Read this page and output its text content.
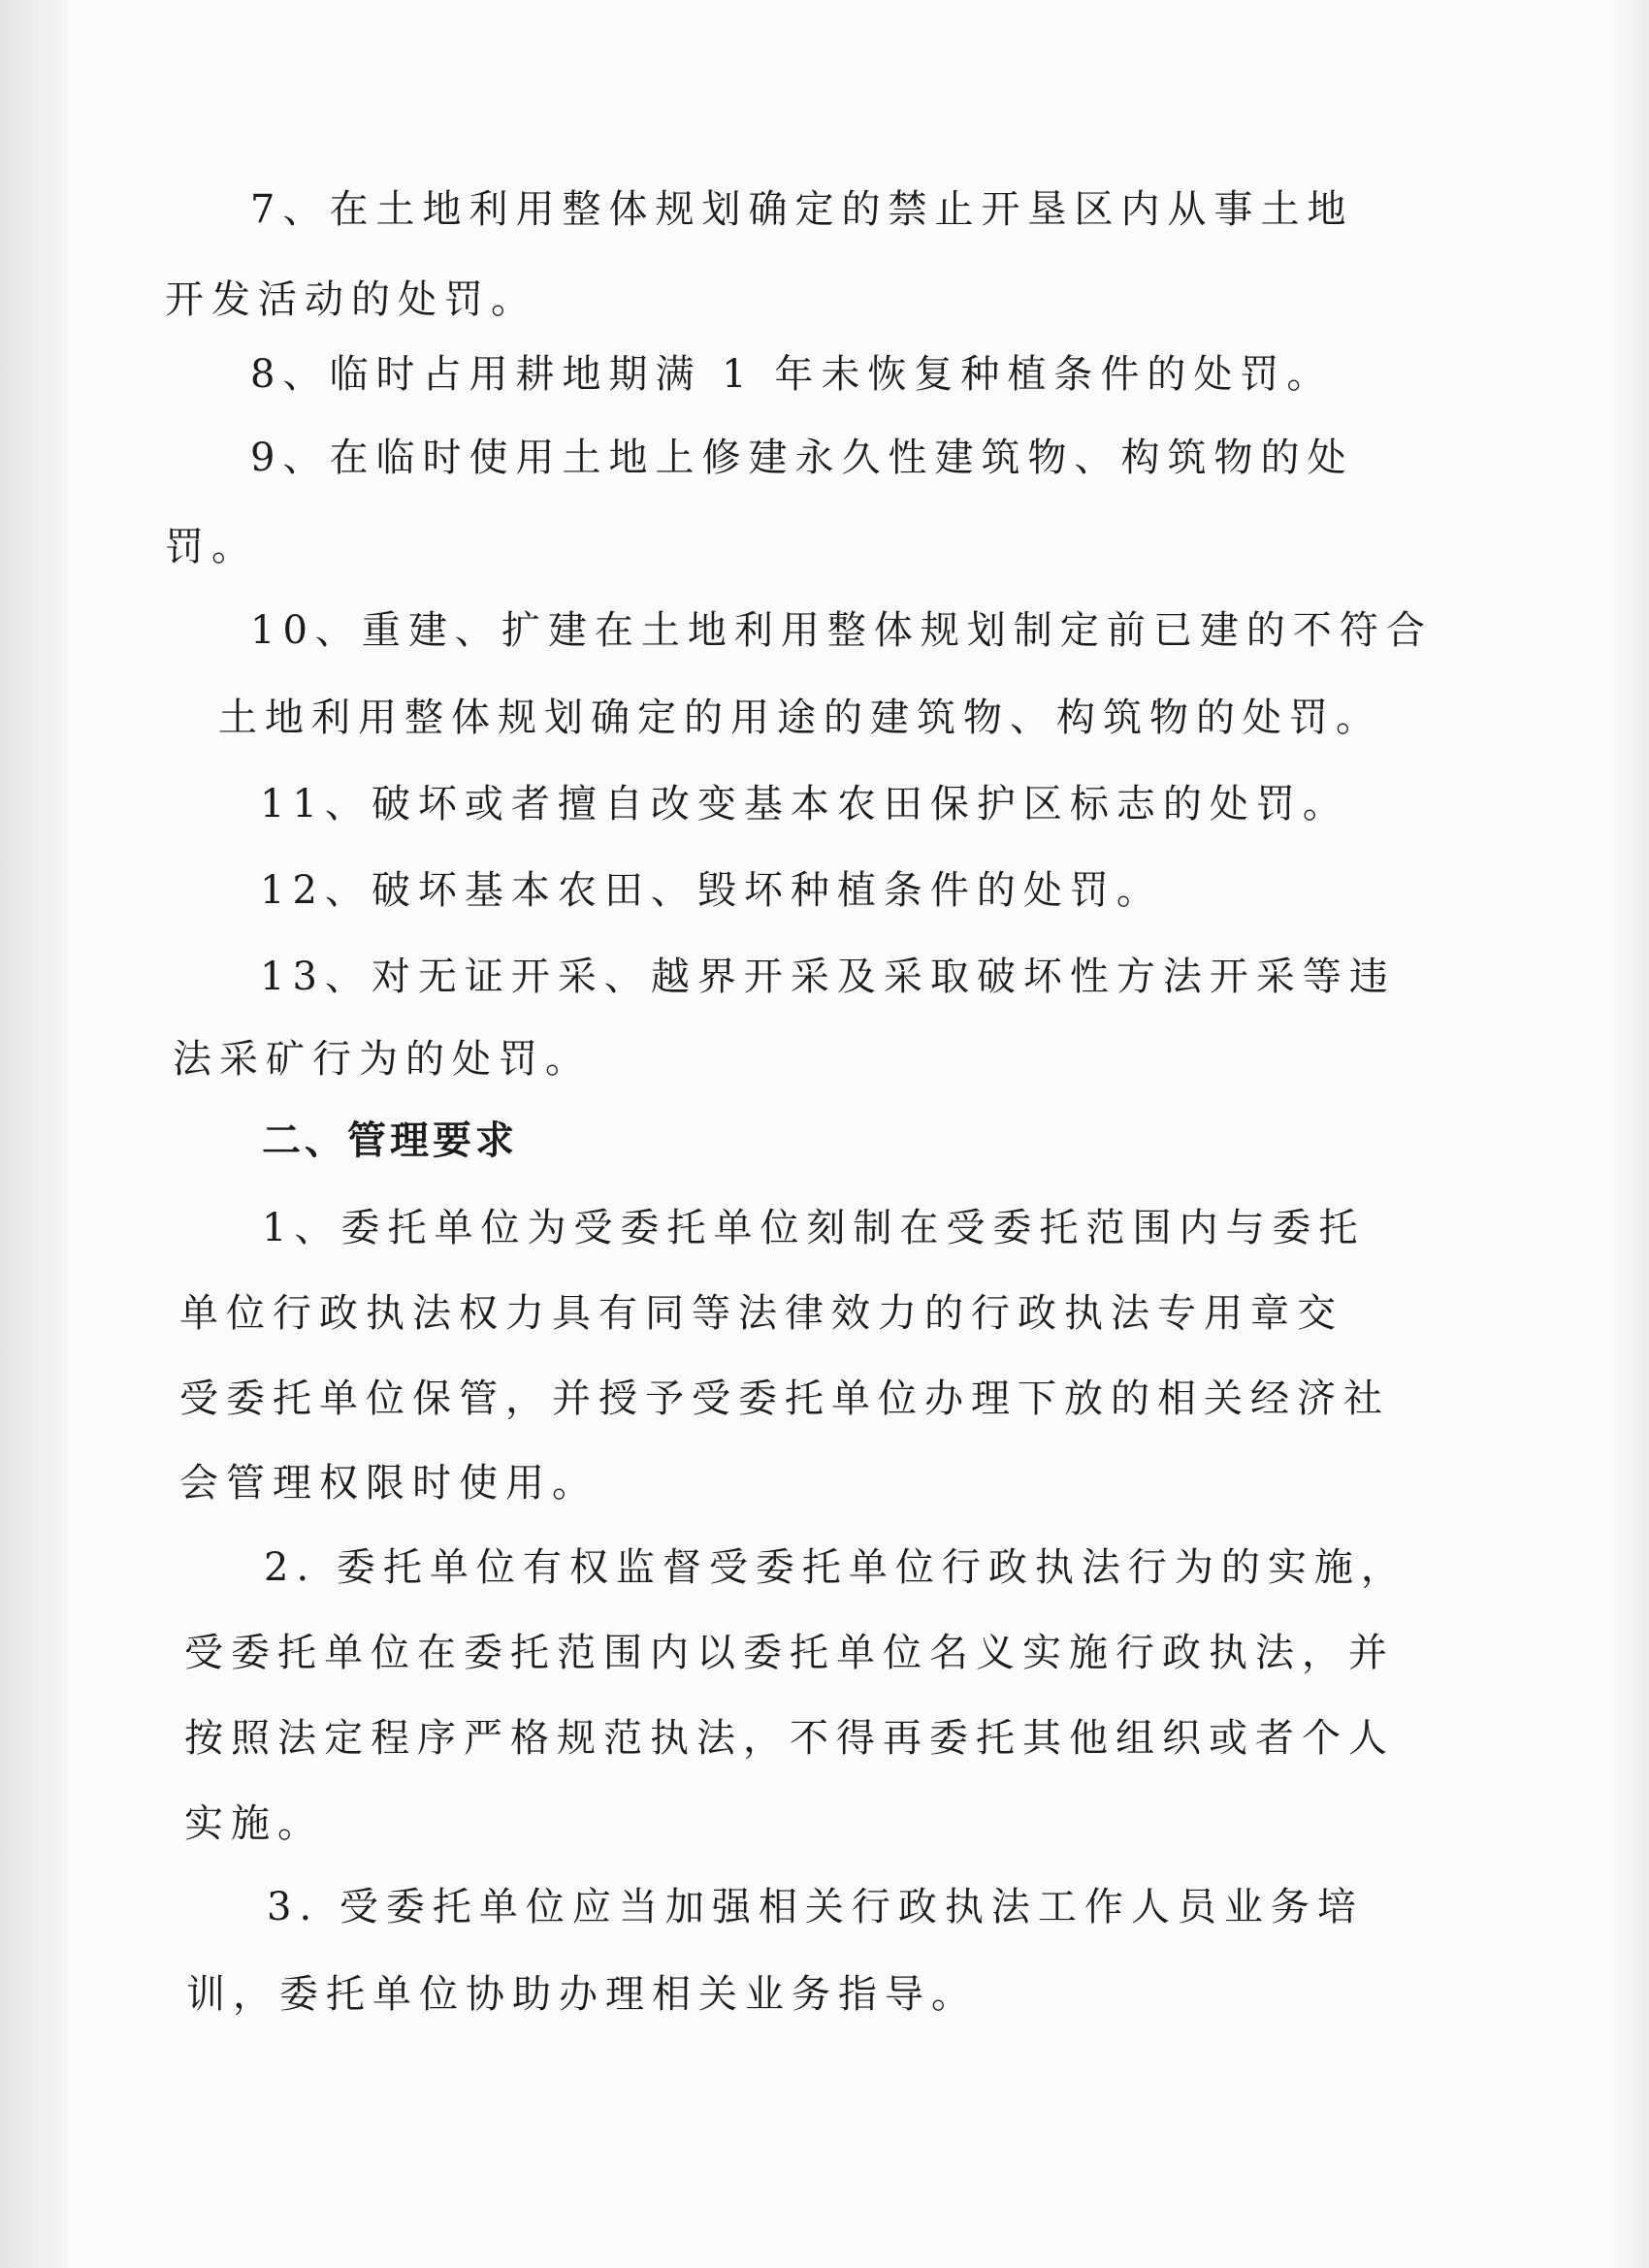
7、在土地利用整体规划确定的禁止开垦区内从事土地

开发活动的处罚。

8、临时占用耕地期满 1 年未恢复种植条件的处罚。

9、在临时使用土地上修建永久性建筑物、构筑物的处

罚。

10、重建、扩建在土地利用整体规划制定前已建的不符合

土地利用整体规划确定的用途的建筑物、构筑物的处罚。

11、破坏或者擅自改变基本农田保护区标志的处罚。

12、破坏基本农田、毁坏种植条件的处罚。

13、对无证开采、越界开采及采取破坏性方法开采等违

法采矿行为的处罚。

二、管理要求

1、委托单位为受委托单位刻制在受委托范围内与委托

单位行政执法权力具有同等法律效力的行政执法专用章交

受委托单位保管，并授予受委托单位办理下放的相关经济社

会管理权限时使用。

2. 委托单位有权监督受委托单位行政执法行为的实施，

受委托单位在委托范围内以委托单位名义实施行政执法，并

按照法定程序严格规范执法，不得再委托其他组织或者个人

实施。

3. 受委托单位应当加强相关行政执法工作人员业务培

训，委托单位协助办理相关业务指导。
